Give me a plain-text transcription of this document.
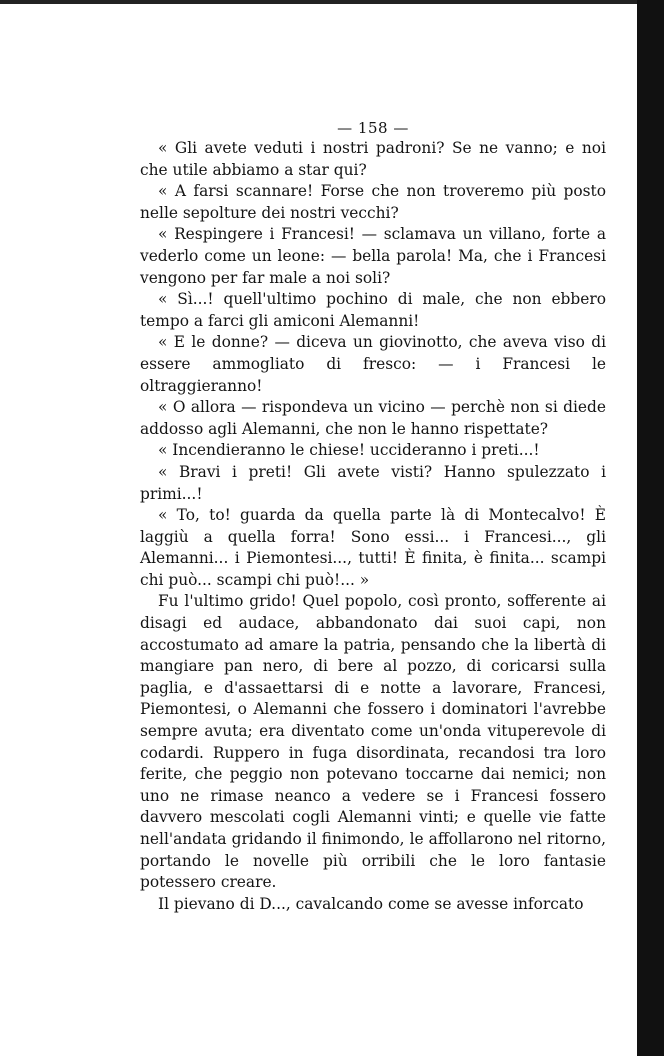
— 158 —

« Gli avete veduti i nostri padroni? Se ne vanno; e noi che utile abbiamo a star qui?

« A farsi scannare! Forse che non troveremo più posto nelle sepolture dei nostri vecchi?

« Respingere i Francesi! — sclamava un villano, forte a vederlo come un leone: — bella parola! Ma, che i Francesi vengono per far male a noi soli?

« Sì...! quell'ultimo pochino di male, che non ebbero tempo a farci gli amiconi Alemanni!

« E le donne? — diceva un giovinotto, che aveva viso di essere ammogliato di fresco: — i Francesi le oltraggieranno!

« O allora — rispondeva un vicino — perchè non si diede addosso agli Alemanni, che non le hanno rispettate?

« Incendieranno le chiese! uccideranno i preti...!

« Bravi i preti! Gli avete visti? Hanno spulezzato i primi...!

« To, to! guarda da quella parte là di Montecalvo! È laggiù a quella forra! Sono essi... i Francesi..., gli Alemanni... i Piemontesi..., tutti! È finita, è finita... scampi chi può... scampi chi può!... »

Fu l'ultimo grido! Quel popolo, così pronto, sofferente ai disagi ed audace, abbandonato dai suoi capi, non accostumato ad amare la patria, pensando che la libertà di mangiare pan nero, di bere al pozzo, di coricarsi sulla paglia, e d'assaettarsi di e notte a lavorare, Francesi, Piemontesi, o Alemanni che fossero i dominatori l'avrebbe sempre avuta; era diventato come un'onda vituperevole di codardi. Ruppero in fuga disordinata, recandosi tra loro ferite, che peggio non potevano toccarne dai nemici; non uno ne rimase neanco a vedere se i Francesi fossero davvero mescolati cogli Alemanni vinti; e quelle vie fatte nell'andata gridando il finimondo, le affollarono nel ritorno, portando le novelle più orribili che le loro fantasie potessero creare.

Il pievano di D..., cavalcando come se avesse inforcato
